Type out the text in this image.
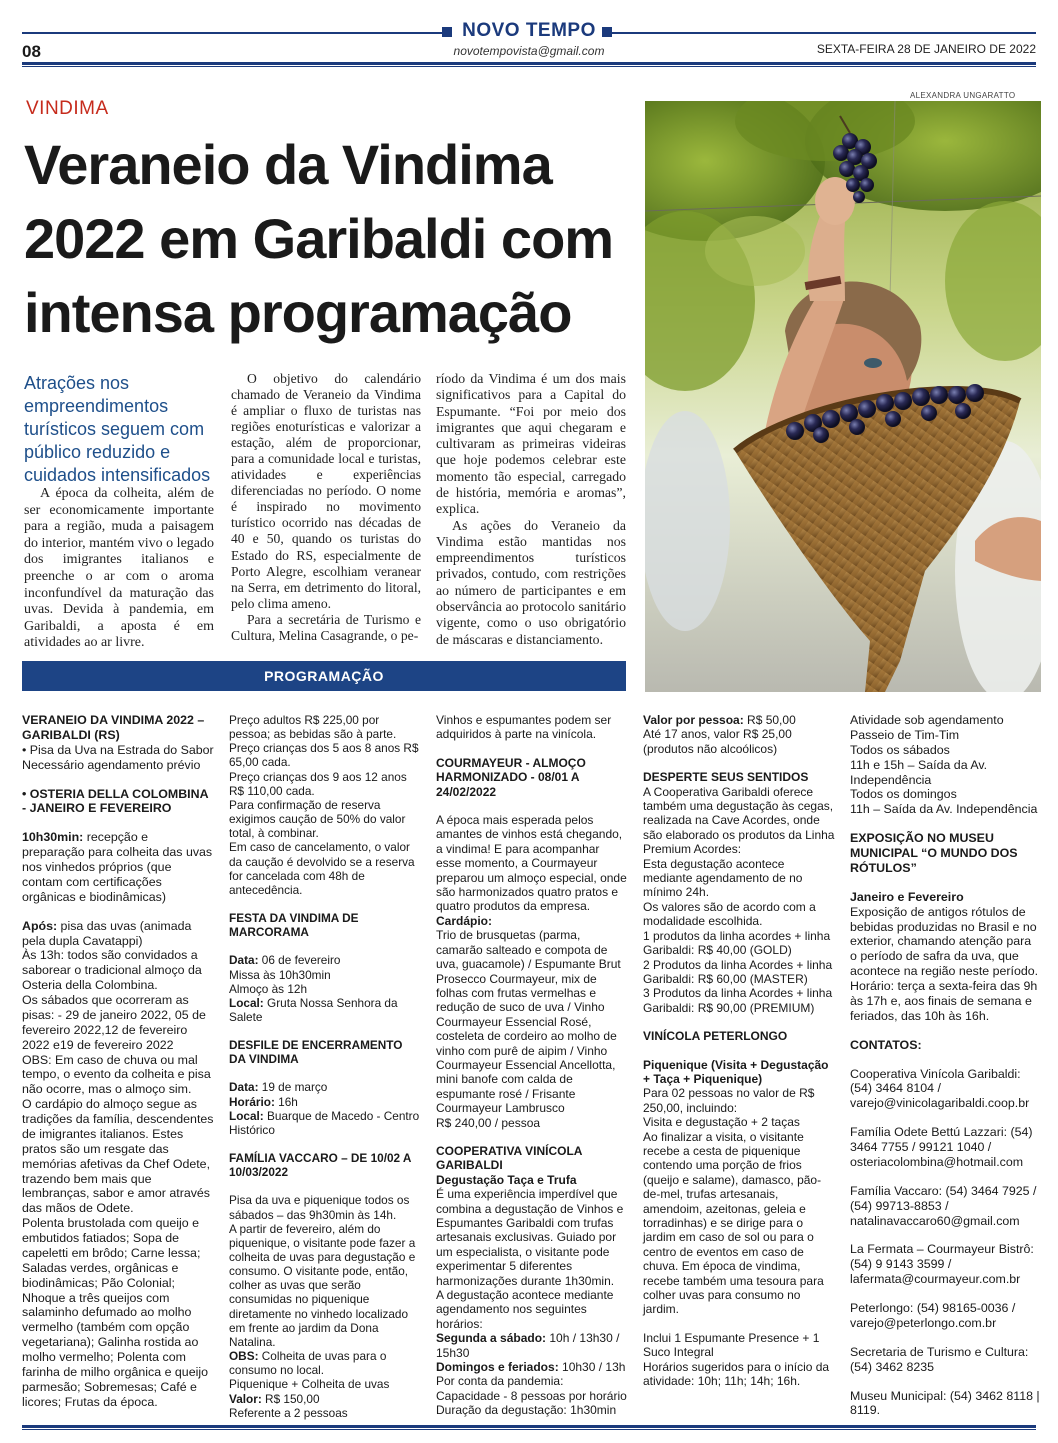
NOVO TEMPO
08	novotempovista@gmail.com	SEXTA-FEIRA 28 DE JANEIRO DE 2022
VINDIMA
Veraneio da Vindima
2022 em Garibaldi com
intensa programação
Atrações nos empreendimentos turísticos seguem com público reduzido e cuidados intensificados

A época da colheita, além de ser economicamente importante para a região, muda a paisagem do interior, mantém vivo o legado dos imigrantes italianos e preenche o ar com o aroma inconfundível da maturação das uvas. Devida à pandemia, em Garibaldi, a aposta é em atividades ao ar livre.

O objetivo do calendário chamado de Veraneio da Vindima é ampliar o fluxo de turistas nas regiões enoturísticas e valorizar a estação, além de proporcionar, para a comunidade local e turistas, atividades e experiências diferenciadas no período. O nome é inspirado no movimento turístico ocorrido nas décadas de 40 e 50, quando os turistas do Estado do RS, especialmente de Porto Alegre, escolhiam veranear na Serra, em detrimento do litoral, pelo clima ameno.

Para a secretária de Turismo e Cultura, Melina Casagrande, o pe-

ríodo da Vindima é um dos mais significativos para a Capital do Espumante. “Foi por meio dos imigrantes que aqui chegaram e cultivaram as primeiras videiras que hoje podemos celebrar este momento tão especial, carregado de história, memória e aromas”, explica.

As ações do Veraneio da Vindima estão mantidas nos empreendimentos turísticos privados, contudo, com restrições ao número de participantes e em observância ao protocolo sanitário vigente, como o uso obrigatório de máscaras e distanciamento.

ALEXANDRA UNGARATTO
PROGRAMAÇÃO

VERANEIO DA VINDIMA 2022 – GARIBALDI (RS)

• Pisa da Uva na Estrada do Sabor

Necessário agendamento prévio

• OSTERIA DELLA COLOMBINA - JANEIRO E FEVEREIRO

10h30min: recepção e preparação para colheita das uvas nos vinhedos próprios (que contam com certificações orgânicas e biodinâmicas)

Após: pisa das uvas (animada pela dupla Cavatappi)

Às 13h: todos são convidados a saborear o tradicional almoço da Osteria della Colombina.

Os sábados que ocorreram as pisas: - 29 de janeiro 2022, 05 de fevereiro 2022,12 de fevereiro 2022 e19 de fevereiro 2022

OBS: Em caso de chuva ou mal tempo, o evento da colheita e pisa não ocorre, mas o almoço sim.

O cardápio do almoço segue as tradições da família, descendentes de imigrantes italianos. Estes pratos são um resgate das memórias afetivas da Chef Odete, trazendo bem mais que lembranças, sabor e amor através das mãos de Odete.

Polenta brustolada com queijo e embutidos fatiados; Sopa de capeletti em brôdo; Carne lessa; Saladas verdes, orgânicas e biodinâmicas; Pão Colonial; Nhoque a três queijos com salaminho defumado ao molho vermelho (também com opção vegetariana); Galinha rostida ao molho vermelho; Polenta com farinha de milho orgânica e queijo parmesão; Sobremesas; Café e licores; Frutas da época.

Preço adultos R$ 225,00 por pessoa; as bebidas são à parte.

Preço crianças dos 5 aos 8 anos R$ 65,00 cada.

Preço crianças dos 9 aos 12 anos R$ 110,00 cada.

Para confirmação de reserva exigimos caução de 50% do valor total, à combinar.

Em caso de cancelamento, o valor da caução é devolvido se a reserva for cancelada com 48h de antecedência.

FESTA DA VINDIMA DE MARCORAMA

Data: 06 de fevereiro

Missa às 10h30min

Almoço às 12h

Local: Gruta Nossa Senhora da Salete

DESFILE DE ENCERRAMENTO DA VINDIMA

Data: 19 de março

Horário: 16h

Local: Buarque de Macedo - Centro Histórico

FAMÍLIA VACCARO – DE 10/02 A 10/03/2022

Pisa da uva e piquenique todos os sábados – das 9h30min às 14h.

A partir de fevereiro, além do piquenique, o visitante pode fazer a colheita de uvas para degustação e consumo. O visitante pode, então, colher as uvas que serão consumidas no piquenique diretamente no vinhedo localizado em frente ao jardim da Dona Natalina.

OBS: Colheita de uvas para o consumo no local.

Piquenique + Colheita de uvas

Valor: R$ 150,00

Referente a 2 pessoas

Vinhos e espumantes podem ser adquiridos à parte na vinícola.

COURMAYEUR - ALMOÇO HARMONIZADO - 08/01 A 24/02/2022

A época mais esperada pelos amantes de vinhos está chegando, a vindima! E para acompanhar esse momento, a Courmayeur preparou um almoço especial, onde são harmonizados quatro pratos e quatro produtos da empresa.

Cardápio:

Trio de brusquetas (parma, camarão salteado e compota de uva, guacamole) / Espumante Brut Prosecco Courmayeur, mix de folhas com frutas vermelhas e redução de suco de uva / Vinho Courmayeur Essencial Rosé, costeleta de cordeiro ao molho de vinho com purê de aipim / Vinho Courmayeur Essencial Ancellotta, mini banofe com calda de espumante rosé / Frisante Courmayeur Lambrusco

R$ 240,00 / pessoa

COOPERATIVA VINÍCOLA GARIBALDI

Degustação Taça e Trufa

É uma experiência imperdível que combina a degustação de Vinhos e Espumantes Garibaldi com trufas artesanais exclusivas. Guiado por um especialista, o visitante pode experimentar 5 diferentes harmonizações durante 1h30min.

A degustação acontece mediante agendamento nos seguintes horários:

Segunda a sábado: 10h / 13h30 / 15h30

Domingos e feriados: 10h30 / 13h

Por conta da pandemia: Capacidade - 8 pessoas por horário

Duração da degustação: 1h30min

Valor por pessoa: R$ 50,00

Até 17 anos, valor R$ 25,00 (produtos não alcoólicos)

DESPERTE SEUS SENTIDOS

A Cooperativa Garibaldi oferece também uma degustação às cegas, realizada na Cave Acordes, onde são elaborado os produtos da Linha Premium Acordes:

Esta degustação acontece mediante agendamento de no mínimo 24h.

Os valores são de acordo com a modalidade escolhida.

1 produtos da linha acordes + linha Garibaldi: R$ 40,00 (GOLD)

2 Produtos da linha Acordes + linha Garibaldi: R$ 60,00 (MASTER)

3 Produtos da linha Acordes + linha Garibaldi: R$ 90,00 (PREMIUM)

VINÍCOLA PETERLONGO

Piquenique (Visita + Degustação + Taça + Piquenique)

Para 02 pessoas no valor de R$ 250,00, incluindo:

Visita e degustação + 2 taças

Ao finalizar a visita, o visitante recebe a cesta de piquenique contendo uma porção de frios (queijo e salame), damasco, pão-de-mel, trufas artesanais, amendoim, azeitonas, geleia e torradinhas) e se dirige para o jardim em caso de sol ou para o centro de eventos em caso de chuva. Em época de vindima, recebe também uma tesoura para colher uvas para consumo no jardim.

Inclui 1 Espumante Presence + 1 Suco Integral

Horários sugeridos para o início da atividade: 10h; 11h; 14h; 16h.

Atividade sob agendamento

Passeio de Tim-Tim

Todos os sábados

11h e 15h – Saída da Av. Independência

Todos os domingos

11h – Saída da Av. Independência

EXPOSIÇÃO NO MUSEU MUNICIPAL “O MUNDO DOS RÓTULOS”

Janeiro e Fevereiro

Exposição de antigos rótulos de bebidas produzidas no Brasil e no exterior, chamando atenção para o período de safra da uva, que acontece na região neste período.

Horário: terça a sexta-feira das 9h às 17h e, aos finais de semana e feriados, das 10h às 16h.

CONTATOS:

Cooperativa Vinícola Garibaldi: (54) 3464 8104 / varejo@vinicolagaribaldi.coop.br

Família Odete Bettú Lazzari: (54) 3464 7755 / 99121 1040 / osteriacolombina@hotmail.com

Família Vaccaro: (54) 3464 7925 / (54) 99713-8853 / natalinavaccaro60@gmail.com

La Fermata – Courmayeur Bistrô: (54) 9 9143 3599 / lafermata@courmayeur.com.br

Peterlongo: (54) 98165-0036 / varejo@peterlongo.com.br

Secretaria de Turismo e Cultura: (54) 3462 8235

Museu Municipal: (54) 3462 8118 | 8119.
